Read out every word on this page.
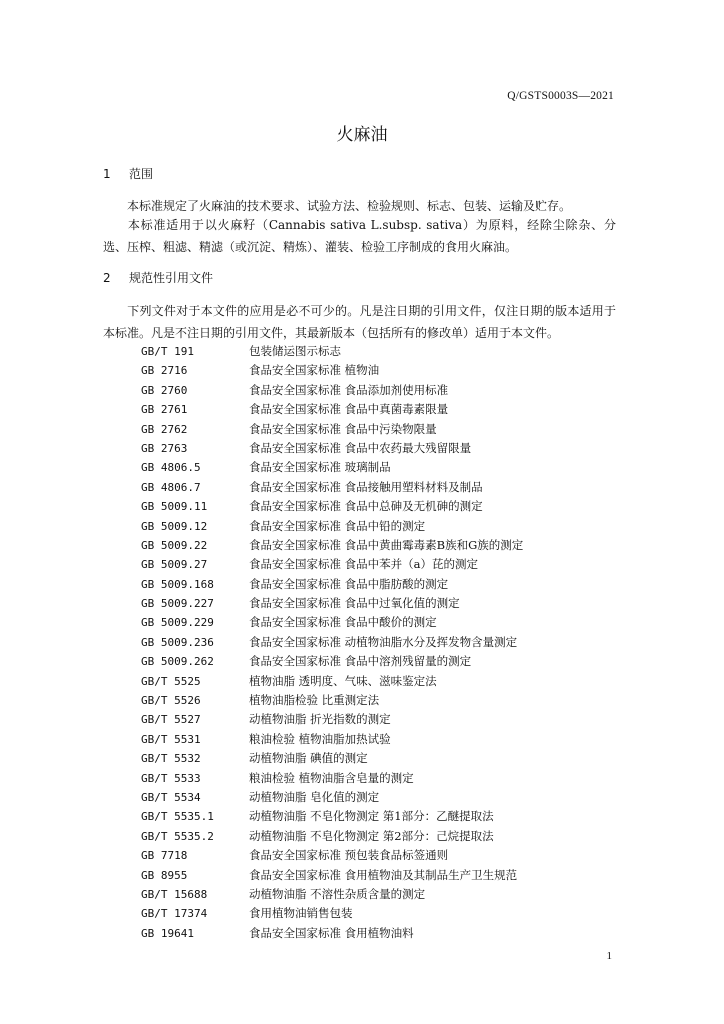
Q/GSTS0003S—2021
火麻油
1 范围
本标准规定了火麻油的技术要求、试验方法、检验规则、标志、包装、运输及贮存。
本标准适用于以火麻籽（Cannabis sativa L.subsp. sativa）为原料，经除尘除杂、分选、压榨、粗滤、精滤（或沉淀、精炼）、灌装、检验工序制成的食用火麻油。
2 规范性引用文件
下列文件对于本文件的应用是必不可少的。凡是注日期的引用文件，仅注日期的版本适用于本标准。凡是不注日期的引用文件，其最新版本（包括所有的修改单）适用于本文件。
GB/T 191	包装储运图示标志
GB 2716	食品安全国家标准 植物油
GB 2760	食品安全国家标准 食品添加剂使用标准
GB 2761	食品安全国家标准 食品中真菌毒素限量
GB 2762	食品安全国家标准 食品中污染物限量
GB 2763	食品安全国家标准 食品中农药最大残留限量
GB 4806.5	食品安全国家标准 玻璃制品
GB 4806.7	食品安全国家标准 食品接触用塑料材料及制品
GB 5009.11	食品安全国家标准 食品中总砷及无机砷的测定
GB 5009.12	食品安全国家标准 食品中铅的测定
GB 5009.22	食品安全国家标准 食品中黄曲霉毒素B族和G族的测定
GB 5009.27	食品安全国家标准 食品中苯并（a）芘的测定
GB 5009.168	食品安全国家标准 食品中脂肪酸的测定
GB 5009.227	食品安全国家标准 食品中过氧化值的测定
GB 5009.229	食品安全国家标准 食品中酸价的测定
GB 5009.236	食品安全国家标准 动植物油脂水分及挥发物含量测定
GB 5009.262	食品安全国家标准 食品中溶剂残留量的测定
GB/T 5525	植物油脂 透明度、气味、滋味鉴定法
GB/T 5526	植物油脂检验 比重测定法
GB/T 5527	动植物油脂 折光指数的测定
GB/T 5531	粮油检验 植物油脂加热试验
GB/T 5532	动植物油脂 碘值的测定
GB/T 5533	粮油检验 植物油脂含皂量的测定
GB/T 5534	动植物油脂 皂化值的测定
GB/T 5535.1	动植物油脂 不皂化物测定 第1部分：乙醚提取法
GB/T 5535.2	动植物油脂 不皂化物测定 第2部分：己烷提取法
GB 7718	食品安全国家标准 预包装食品标签通则
GB 8955	食品安全国家标准 食用植物油及其制品生产卫生规范
GB/T 15688	动植物油脂 不溶性杂质含量的测定
GB/T 17374	食用植物油销售包装
GB 19641	食品安全国家标准 食用植物油料
1
